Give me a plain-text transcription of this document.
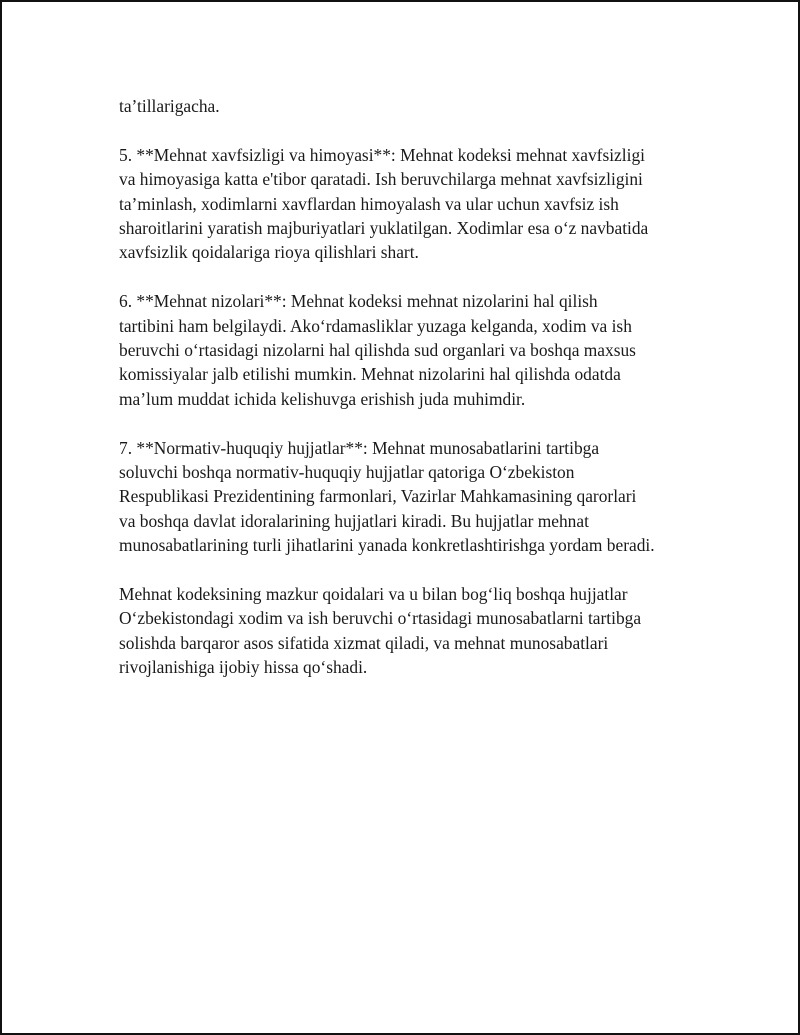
ta’tillarigacha.

5. **Mehnat xavfsizligi va himoyasi**: Mehnat kodeksi mehnat xavfsizligi
va himoyasiga katta e'tibor qaratadi. Ish beruvchilarga mehnat xavfsizligini
ta’minlash, xodimlarni xavflardan himoyalash va ular uchun xavfsiz ish
sharoitlarini yaratish majburiyatlari yuklatilgan. Xodimlar esa o‘z navbatida
xavfsizlik qoidalariga rioya qilishlari shart.

6. **Mehnat nizolari**: Mehnat kodeksi mehnat nizolarini hal qilish
tartibini ham belgilaydi. Ako‘rdamasliklar yuzaga kelganda, xodim va ish
beruvchi o‘rtasidagi nizolarni hal qilishda sud organlari va boshqa maxsus
komissiyalar jalb etilishi mumkin. Mehnat nizolarini hal qilishda odatda
ma’lum muddat ichida kelishuvga erishish juda muhimdir.

7. **Normativ-huquqiy hujjatlar**: Mehnat munosabatlarini tartibga
soluvchi boshqa normativ-huquqiy hujjatlar qatoriga O‘zbekiston
Respublikasi Prezidentining farmonlari, Vazirlar Mahkamasining qarorlari
va boshqa davlat idoralarining hujjatlari kiradi. Bu hujjatlar mehnat
munosabatlarining turli jihatlarini yanada konkretlashtirishga yordam beradi.

Mehnat kodeksining mazkur qoidalari va u bilan bog‘liq boshqa hujjatlar
O‘zbekistondagi xodim va ish beruvchi o‘rtasidagi munosabatlarni tartibga
solishda barqaror asos sifatida xizmat qiladi, va mehnat munosabatlari
rivojlanishiga ijobiy hissa qo‘shadi.
